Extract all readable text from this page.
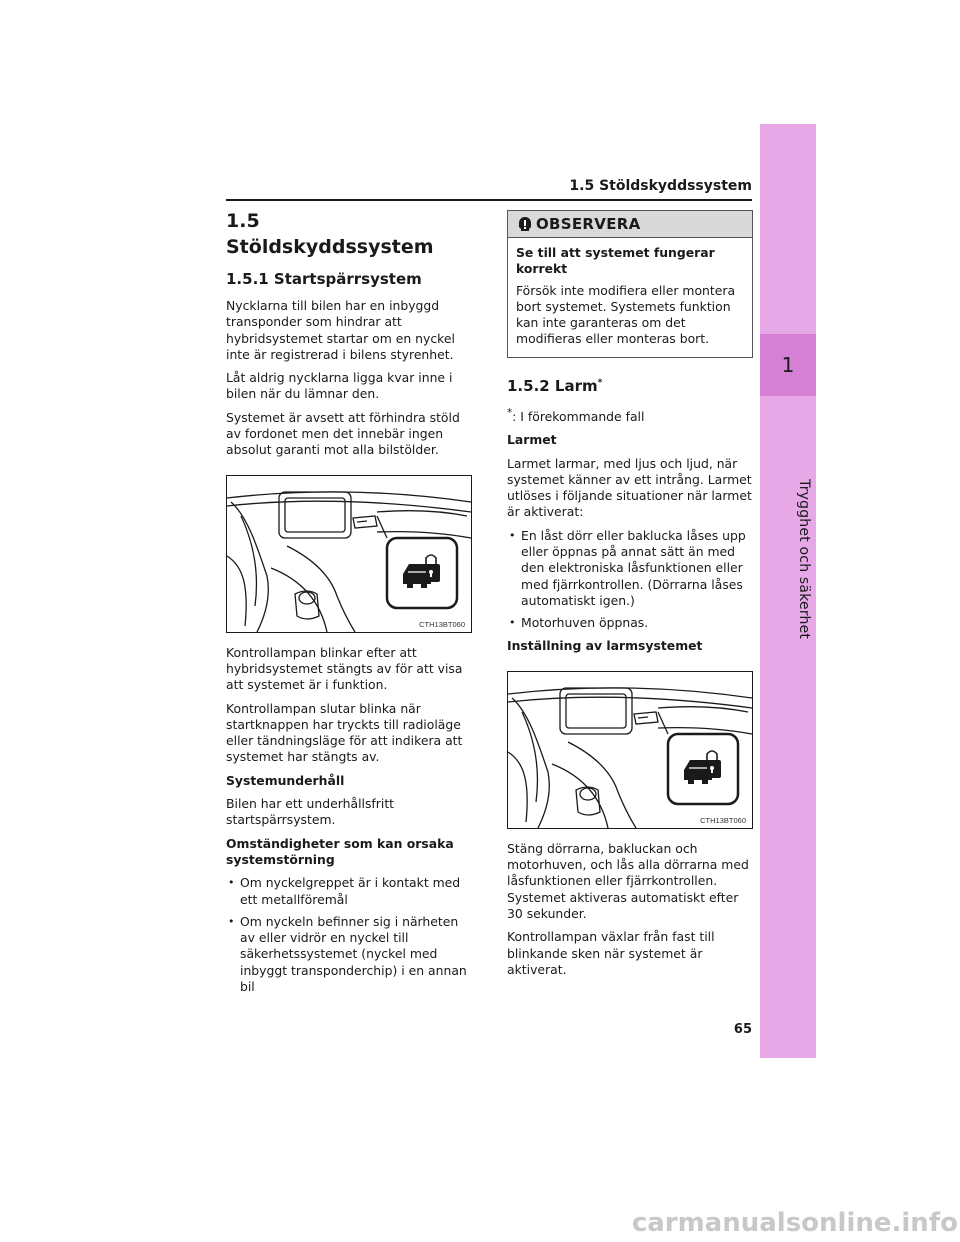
1
Trygghet och säkerhet
1.5 Stöldskyddssystem
1.5 Stöldskyddssystem
1.5.1 Startspärrsystem

Nycklarna till bilen har en inbyggd transponder som hindrar att hybridsystemet startar om en nyckel inte är registrerad i bilens styrenhet.

Låt aldrig nycklarna ligga kvar inne i bilen när du lämnar den.

Systemet är avsett att förhindra stöld av fordonet men det innebär ingen absolut garanti mot alla bilstölder.

CTH13BT060

Kontrollampan blinkar efter att hybridsystemet stängts av för att visa att systemet är i funktion.

Kontrollampan slutar blinka när startknappen har tryckts till radioläge eller tändningsläge för att indikera att systemet har stängts av.

Systemunderhåll

Bilen har ett underhållsfritt startspärrsystem.

Omständigheter som kan orsaka systemstörning

• Om nyckelgreppet är i kontakt med ett metallföremål
• Om nyckeln befinner sig i närheten av eller vidrör en nyckel till säkerhetssystemet (nyckel med inbyggt transponderchip) i en annan bil
OBSERVERA

Se till att systemet fungerar korrekt

Försök inte modifiera eller montera bort systemet. Systemets funktion kan inte garanteras om det modifieras eller monteras bort.

1.5.2 Larm*

*: I förekommande fall

Larmet

Larmet larmar, med ljus och ljud, när systemet känner av ett intrång. Larmet utlöses i följande situationer när larmet är aktiverat:

• En låst dörr eller baklucka låses upp eller öppnas på annat sätt än med den elektroniska låsfunktionen eller med fjärrkontrollen. (Dörrarna låses automatiskt igen.)
• Motorhuven öppnas.

Inställning av larmsystemet

CTH13BT060

Stäng dörrarna, bakluckan och motorhuven, och lås alla dörrarna med låsfunktionen eller fjärrkontrollen. Systemet aktiveras automatiskt efter 30 sekunder.

Kontrollampan växlar från fast till blinkande sken när systemet är aktiverat.

65
carmanualsonline.info
